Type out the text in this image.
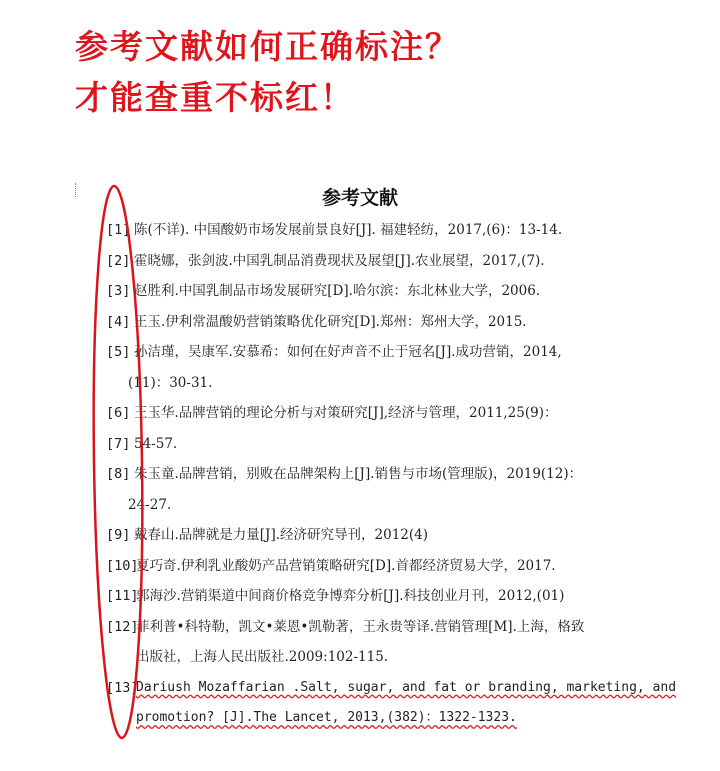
参考文献如何正确标注？
才能查重不标红！
参考文献
[1] 陈(不详). 中国酸奶市场发展前景良好[J]. 福建轻纺，2017,(6)：13-14.
[2] 霍晓娜，张剑波.中国乳制品消费现状及展望[J].农业展望，2017,(7).
[3] 赵胜利.中国乳制品市场发展研究[D].哈尔滨：东北林业大学，2006.
[4] 王玉.伊利常温酸奶营销策略优化研究[D].郑州：郑州大学，2015.
[5] 孙洁瑾，吴康军.安慕希：如何在好声音不止于冠名[J].成功营销，2014,
(11)：30-31.
[6] 王玉华.品牌营销的理论分析与对策研究[J],经济与管理，2011,25(9)：
[7] 54-57.
[8] 朱玉童.品牌营销，别败在品牌架构上[J].销售与市场(管理版)，2019(12)：
24-27.
[9] 戴春山.品牌就是力量[J].经济研究导刊，2012(4)
[10]
夏巧奇.伊利乳业酸奶产品营销策略研究[D].首都经济贸易大学，2017.
[11]
郭海沙.营销渠道中间商价格竞争博弈分析[J].科技创业月刊，2012,(01)
[12]
菲利普•科特勒，凯文•莱恩•凯勒著，王永贵等译.营销管理[M].上海，格致
出版社，上海人民出版社.2009:102-115.
[13]
Dariush Mozaffarian .Salt, sugar, and fat or branding, marketing, and
promotion? [J].The Lancet, 2013,(382)：1322-1323.
